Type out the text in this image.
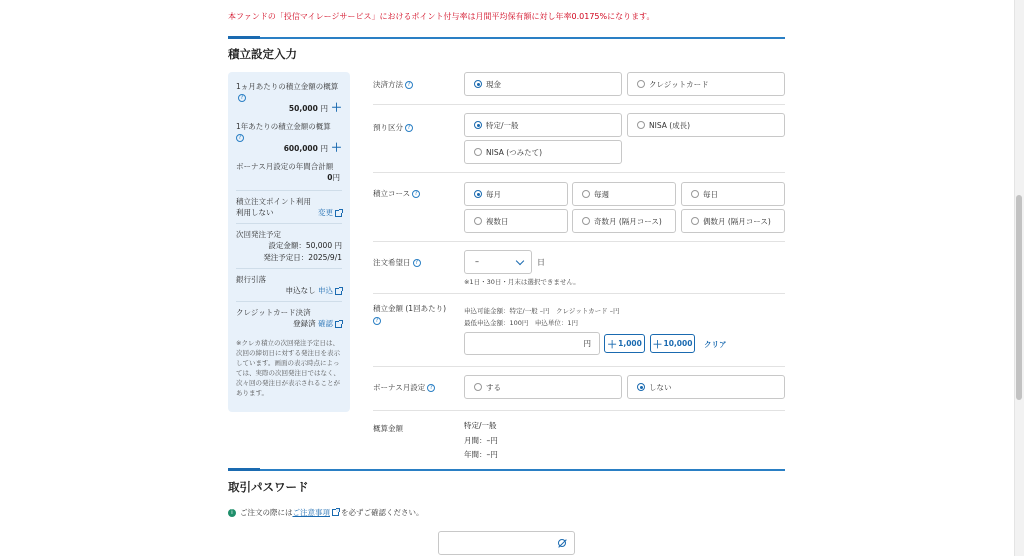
本ファンドの「投信マイレージサービス」におけるポイント付与率は月間平均保有額に対し年率0.0175%になります。
積立設定入力
1ヵ月あたりの積立金額の概算?
50,000 円 ＋
1年あたりの積立金額の概算
?
600,000 円 ＋
ボーナス月設定の年間合計額
0円
積立注文ポイント利用
利用しない	変更
次回発注予定
設定金額：50,000 円
発注予定日：2025/9/1
銀行引落
申込なし 申込
クレジットカード決済
登録済 確認
※クレカ積立の次回発注予定日は、次回の締切日に対する発注日を表示しています。画面の表示時点によっては、実際の次回発注日ではなく、次々回の発注日が表示されることがあります。
決済方法 ?	現金	クレジットカード
預り区分 ?	特定/一般	NISA (成長)
NISA (つみたて)
積立コース ?	毎月	毎週	毎日
複数日	奇数月 (隔月コース)	偶数月 (隔月コース)
注文希望日 ?	–	日
※1日・30日・月末は選択できません。
積立金額 (1回あたり)
?
申込可能金額：特定/一般 –円　クレジットカード –円
最低申込金額：100円　申込単位：1円
円	＋ 1,000 ＋ 10,000 クリア
ボーナス月設定 ?	する	しない
概算金額	特定/一般
月間：–円
年間：–円
取引パスワード
i ご注文の際には ご注意事項 を必ずご確認ください。
